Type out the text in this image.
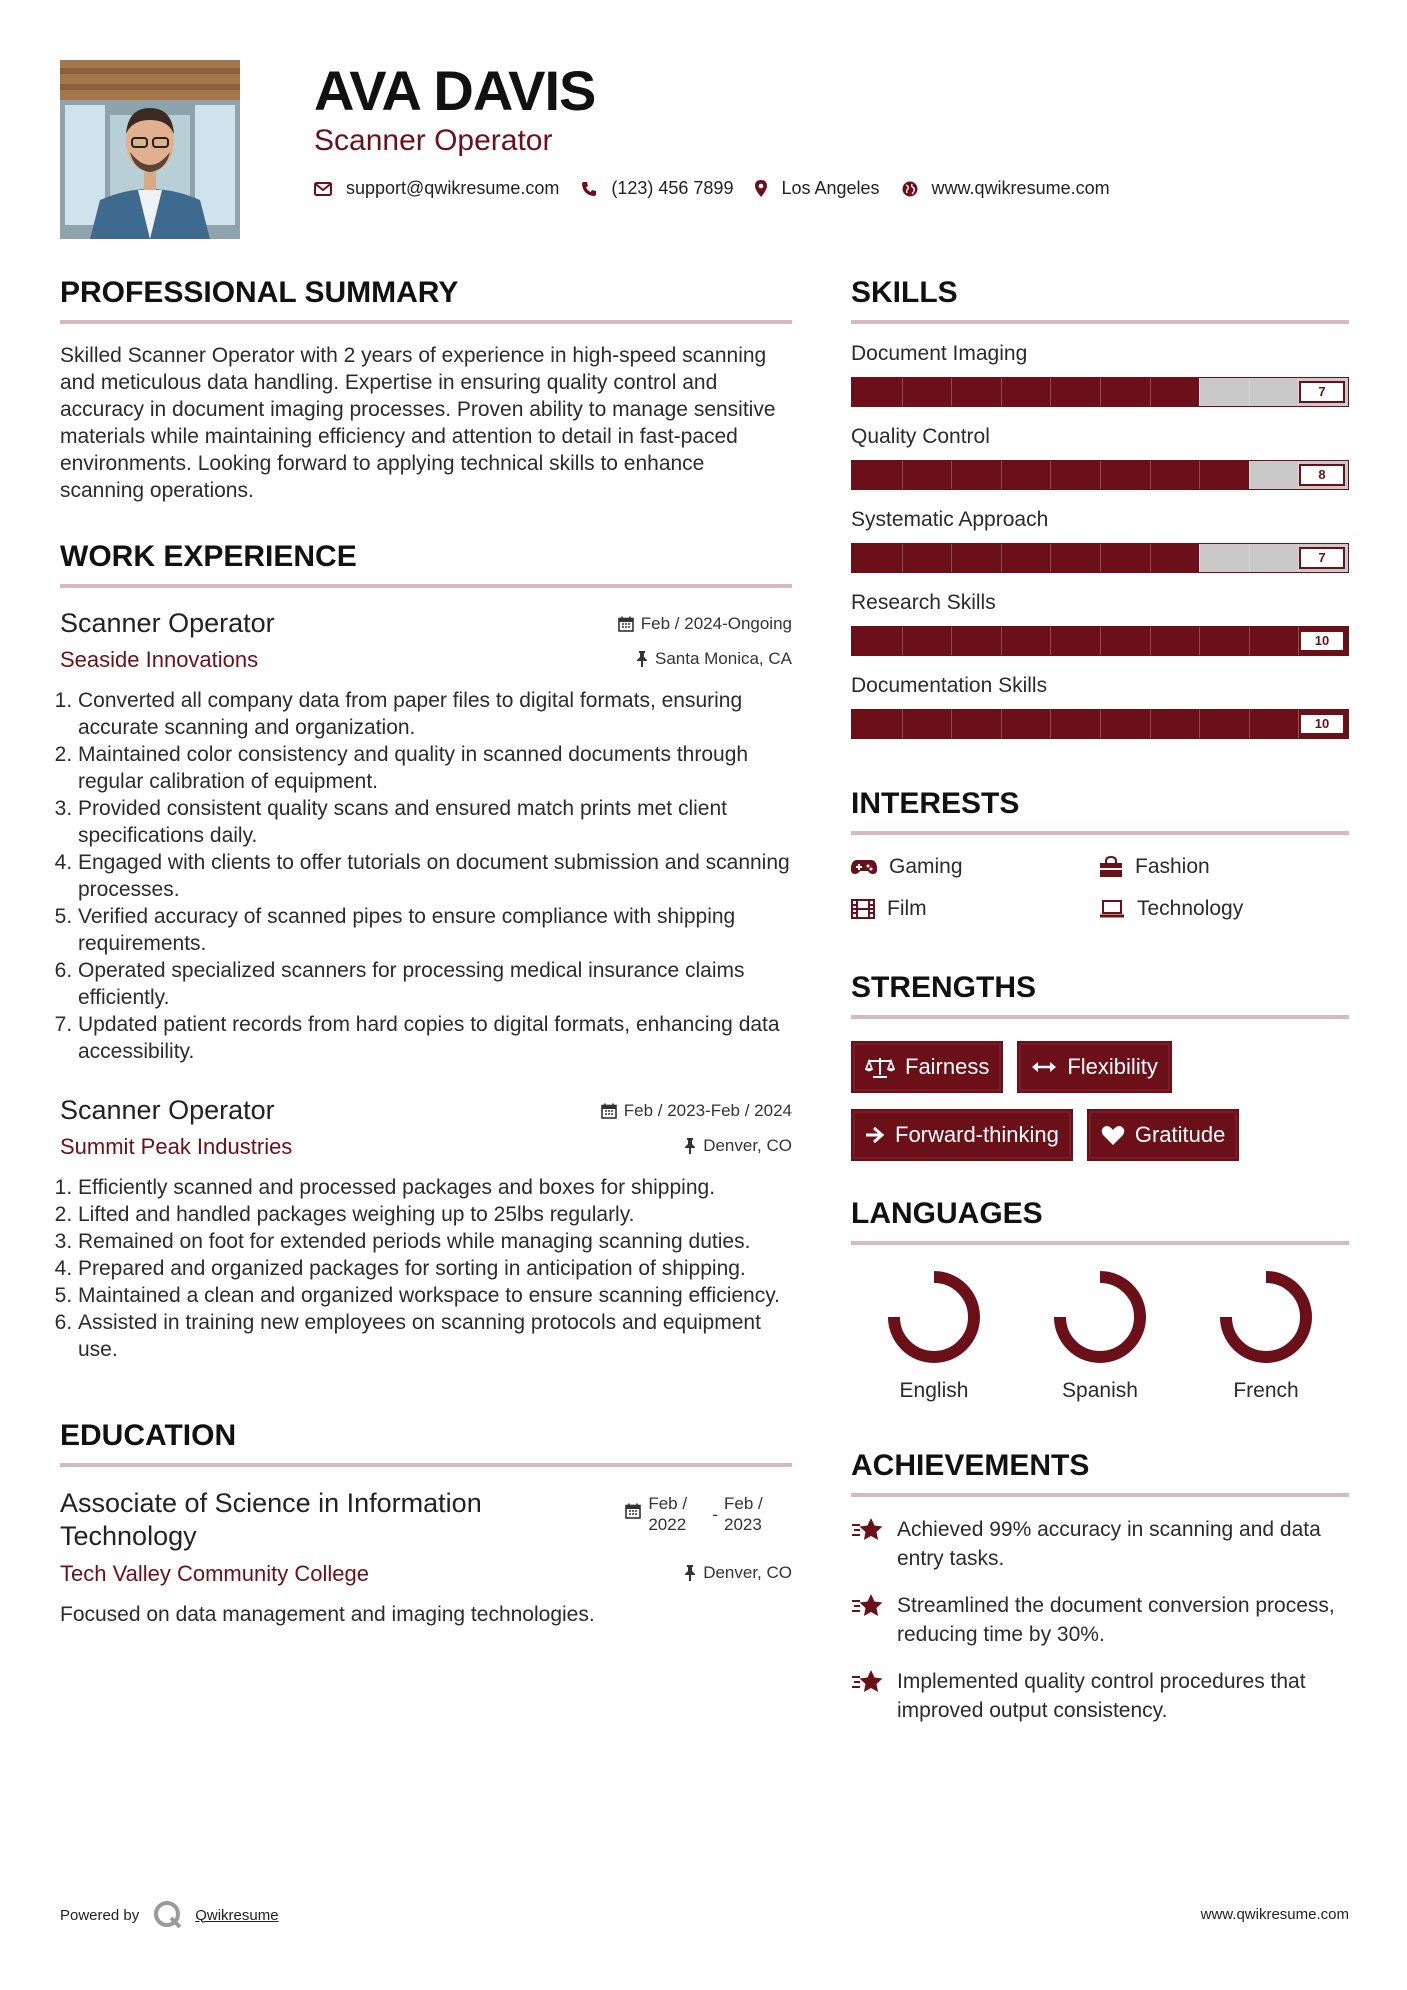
AVA DAVIS
Scanner Operator
support@qwikresume.com	(123) 456 7899	Los Angeles	www.qwikresume.com
PROFESSIONAL SUMMARY

Skilled Scanner Operator with 2 years of experience in high-speed scanning and meticulous data handling. Expertise in ensuring quality control and accuracy in document imaging processes. Proven ability to manage sensitive materials while maintaining efficiency and attention to detail in fast-paced environments. Looking forward to applying technical skills to enhance scanning operations.

WORK EXPERIENCE
Scanner Operator	Feb / 2024-Ongoing
Seaside Innovations	Santa Monica, CA
1. Converted all company data from paper files to digital formats, ensuring accurate scanning and organization.
2. Maintained color consistency and quality in scanned documents through regular calibration of equipment.
3. Provided consistent quality scans and ensured match prints met client specifications daily.
4. Engaged with clients to offer tutorials on document submission and scanning processes.
5. Verified accuracy of scanned pipes to ensure compliance with shipping requirements.
6. Operated specialized scanners for processing medical insurance claims efficiently.
7. Updated patient records from hard copies to digital formats, enhancing data accessibility.
Scanner Operator	Feb / 2023-Feb / 2024
Summit Peak Industries	Denver, CO
1. Efficiently scanned and processed packages and boxes for shipping.
2. Lifted and handled packages weighing up to 25lbs regularly.
3. Remained on foot for extended periods while managing scanning duties.
4. Prepared and organized packages for sorting in anticipation of shipping.
5. Maintained a clean and organized workspace to ensure scanning efficiency.
6. Assisted in training new employees on scanning protocols and equipment use.
EDUCATION
Associate of Science in Information Technology
Feb / 2022
-
Feb / 2023
Tech Valley Community College	Denver, CO

Focused on data management and imaging technologies.

SKILLS
Document Imaging
7
Quality Control
8
Systematic Approach
7
Research Skills
10
Documentation Skills
10
INTERESTS
Gaming	Fashion
Film	Technology
STRENGTHS
Fairness	Flexibility
Forward-thinking	Gratitude
LANGUAGES
English	Spanish	French
ACHIEVEMENTS
Achieved 99% accuracy in scanning and data entry tasks.
Streamlined the document conversion process, reducing time by 30%.
Implemented quality control procedures that improved output consistency.
Powered by	Qwikresume	www.qwikresume.com
